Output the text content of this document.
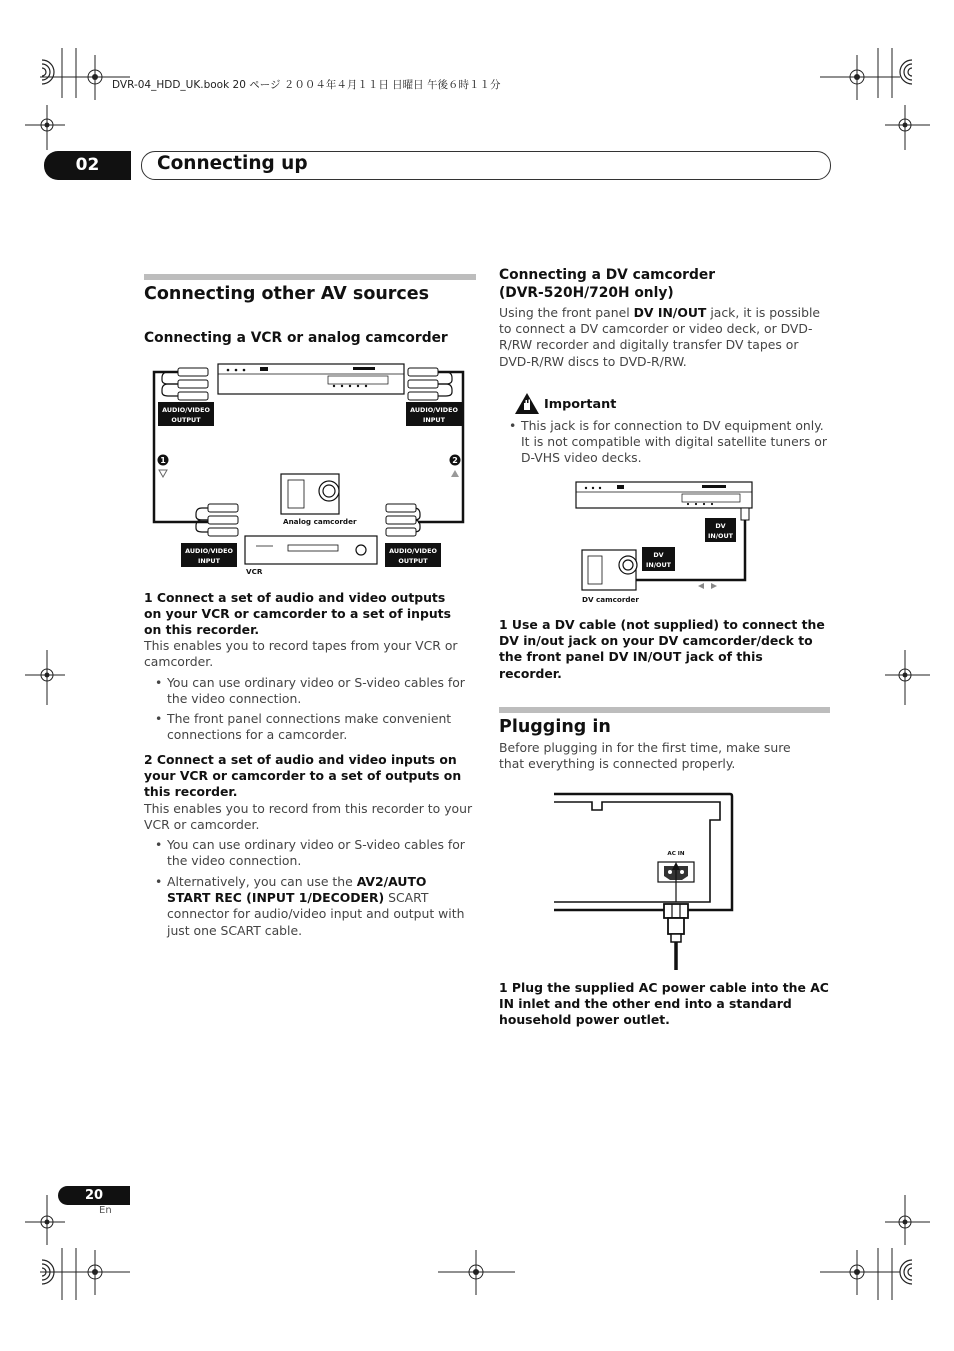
DVR-04_HDD_UK.book 20 ページ ２００４年４月１１日 日曜日 午後６時１１分
02	Connecting up
Connecting other AV sources
Connecting a VCR or analog camcorder
AUDIO/VIDEO
OUTPUT
AUDIO/VIDEO
INPUT
1	2
Analog camcorder
VCR
AUDIO/VIDEO
INPUT
AUDIO/VIDEO
OUTPUT
1 Connect a set of audio and video outputs on your VCR or camcorder to a set of inputs on this recorder.
This enables you to record tapes from your VCR or camcorder.
• You can use ordinary video or S-video cables for the video connection.
• The front panel connections make convenient connections for a camcorder.
2 Connect a set of audio and video inputs on your VCR or camcorder to a set of outputs on this recorder.
This enables you to record from this recorder to your VCR or camcorder.
• You can use ordinary video or S-video cables for the video connection.
• Alternatively, you can use the AV2/AUTO START REC (INPUT 1/DECODER) SCART connector for audio/video input and output with just one SCART cable.
Connecting a DV camcorder
(DVR-520H/720H only)
Using the front panel DV IN/OUT jack, it is possible to connect a DV camcorder or video deck, or DVD-R/RW recorder and digitally transfer DV tapes or DVD-R/RW discs to DVD-R/RW.
Important
• This jack is for connection to DV equipment only. It is not compatible with digital satellite tuners or D-VHS video decks.
DV
IN/OUT
DV
IN/OUT
DV camcorder
1 Use a DV cable (not supplied) to connect the DV in/out jack on your DV camcorder/deck to the front panel DV IN/OUT jack of this recorder.
Plugging in
Before plugging in for the first time, make sure that everything is connected properly.
AC IN
1 Plug the supplied AC power cable into the AC IN inlet and the other end into a standard household power outlet.
20
En
